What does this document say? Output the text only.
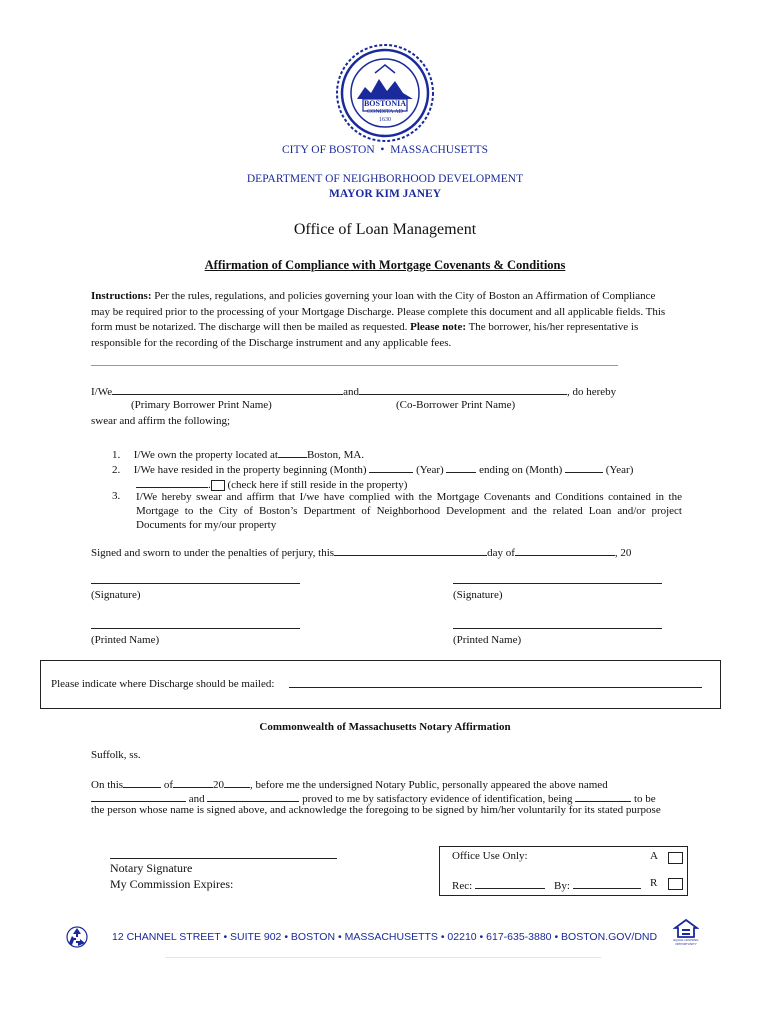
BOSTONIA
CONDITA AD
1630
CITY OF BOSTON • MASSACHUSETTS
DEPARTMENT OF NEIGHBORHOOD DEVELOPMENT
MAYOR KIM JANEY
Office of Loan Management
Affirmation of Compliance with Mortgage Covenants & Conditions

Instructions: Per the rules, regulations, and policies governing your loan with the City of Boston an Affirmation of Compliance

may be required prior to the processing of your Mortgage Discharge. Please complete this document and all applicable fields. This

form must be notarized. The discharge will then be mailed as requested. Please note: The borrower, his/her representative is

responsible for the recording of the Discharge instrument and any applicable fees.

I/We	and	, do hereby
(Primary Borrower Print Name)	(Co-Borrower Print Name)
swear and affirm the following;
1. I/We own the property located at	Boston, MA.
2. I/We have resided in the property beginning (Month)	(Year)	ending on (Month)	(Year)
. (check here if still reside in the property)
3. I/We hereby swear and affirm that I/we have complied with the Mortgage Covenants and Conditions contained in the

Mortgage to the City of Boston’s Department of Neighborhood Development and the related Loan and/or project

Documents for my/our property

Signed and sworn to under the penalties of perjury, this	day of	, 20
(Signature)	(Signature)
(Printed Name)	(Printed Name)
Please indicate where Discharge should be mailed:
Commonwealth of Massachusetts Notary Affirmation
Suffolk, ss.
On this	of	20 , before me the undersigned Notary Public, personally appeared the above named
and	proved to me by satisfactory evidence of identification, being	to be
the person whose name is signed above, and acknowledge the foregoing to be signed by him/her voluntarily for its stated purpose
Notary Signature
My Commission Expires:
Office Use Only:	A
Rec:	By:	R
12 CHANNEL STREET • SUITE 902 • BOSTON • MASSACHUSETTS • 02210 • 617-635-3880 • BOSTON.GOV/DND	EQUAL HOUSING OPPORTUNITY
